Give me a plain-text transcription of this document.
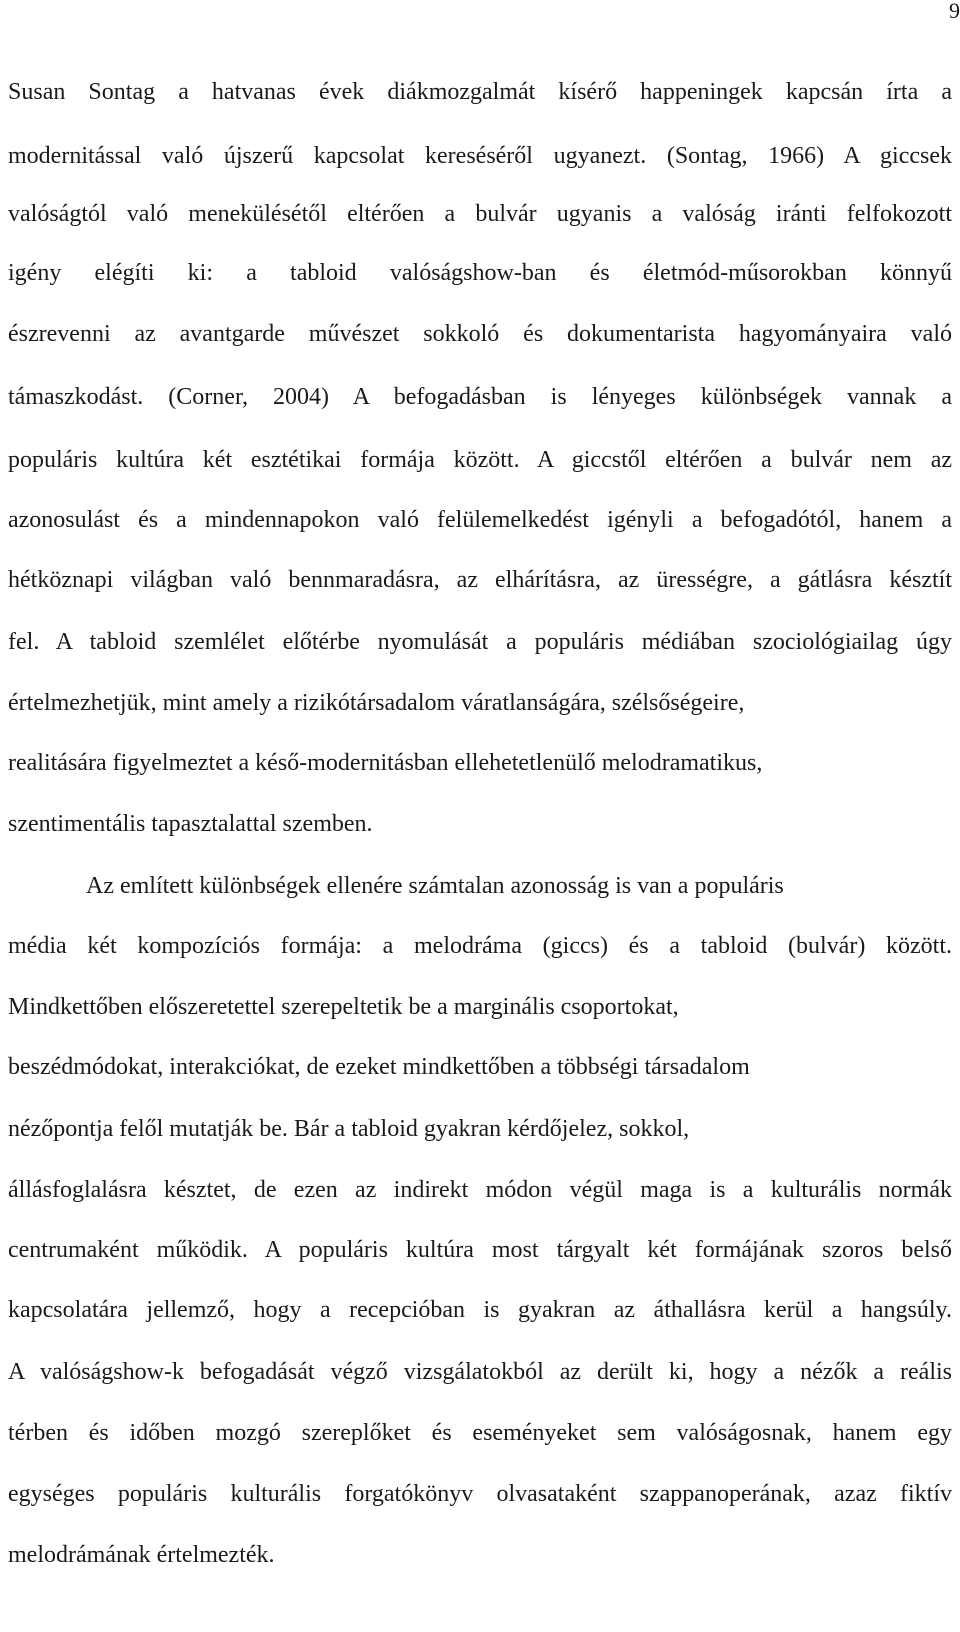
9
Susan Sontag a hatvanas évek diákmozgalmát kísérő happeningek kapcsán írta a
modernitással való újszerű kapcsolat kereséséről ugyanezt. (Sontag, 1966) A giccsek
valóságtól való menekülésétől eltérően a bulvár ugyanis a valóság iránti felfokozott
igény elégíti ki: a tabloid valóságshow-ban és életmód-műsorokban könnyű
észrevenni az avantgarde művészet sokkoló és dokumentarista hagyományaira való
támaszkodást. (Corner, 2004) A befogadásban is lényeges különbségek vannak a
populáris kultúra két esztétikai formája között. A giccstől eltérően a bulvár nem az
azonosulást és a mindennapokon való felülemelkedést igényli a befogadótól, hanem a
hétköznapi világban való bennmaradásra, az elhárításra, az ürességre, a gátlásra késztít
fel. A tabloid szemlélet előtérbe nyomulását a populáris médiában szociológiailag úgy
értelmezhetjük, mint amely a rizikótársadalom váratlanságára, szélsőségeire,
realitására figyelmeztet a késő-modernitásban ellehetetlenülő melodramatikus,
szentimentális tapasztalattal szemben.
Az említett különbségek ellenére számtalan azonosság is van a populáris
média két kompozíciós formája: a melodráma (giccs) és a tabloid (bulvár) között.
Mindkettőben előszeretettel szerepeltetik be a marginális csoportokat,
beszédmódokat, interakciókat, de ezeket mindkettőben a többségi társadalom
nézőpontja felől mutatják be. Bár a tabloid gyakran kérdőjelez, sokkol,
állásfoglalásra késztet, de ezen az indirekt módon végül maga is a kulturális normák
centrumaként működik. A populáris kultúra most tárgyalt két formájának szoros belső
kapcsolatára jellemző, hogy a recepcióban is gyakran az áthallásra kerül a hangsúly.
A valóságshow-k befogadását végző vizsgálatokból az derült ki, hogy a nézők a reális
térben és időben mozgó szereplőket és eseményeket sem valóságosnak, hanem egy
egységes populáris kulturális forgatókönyv olvasataként szappanoperának, azaz fiktív
melodrámának értelmezték.
